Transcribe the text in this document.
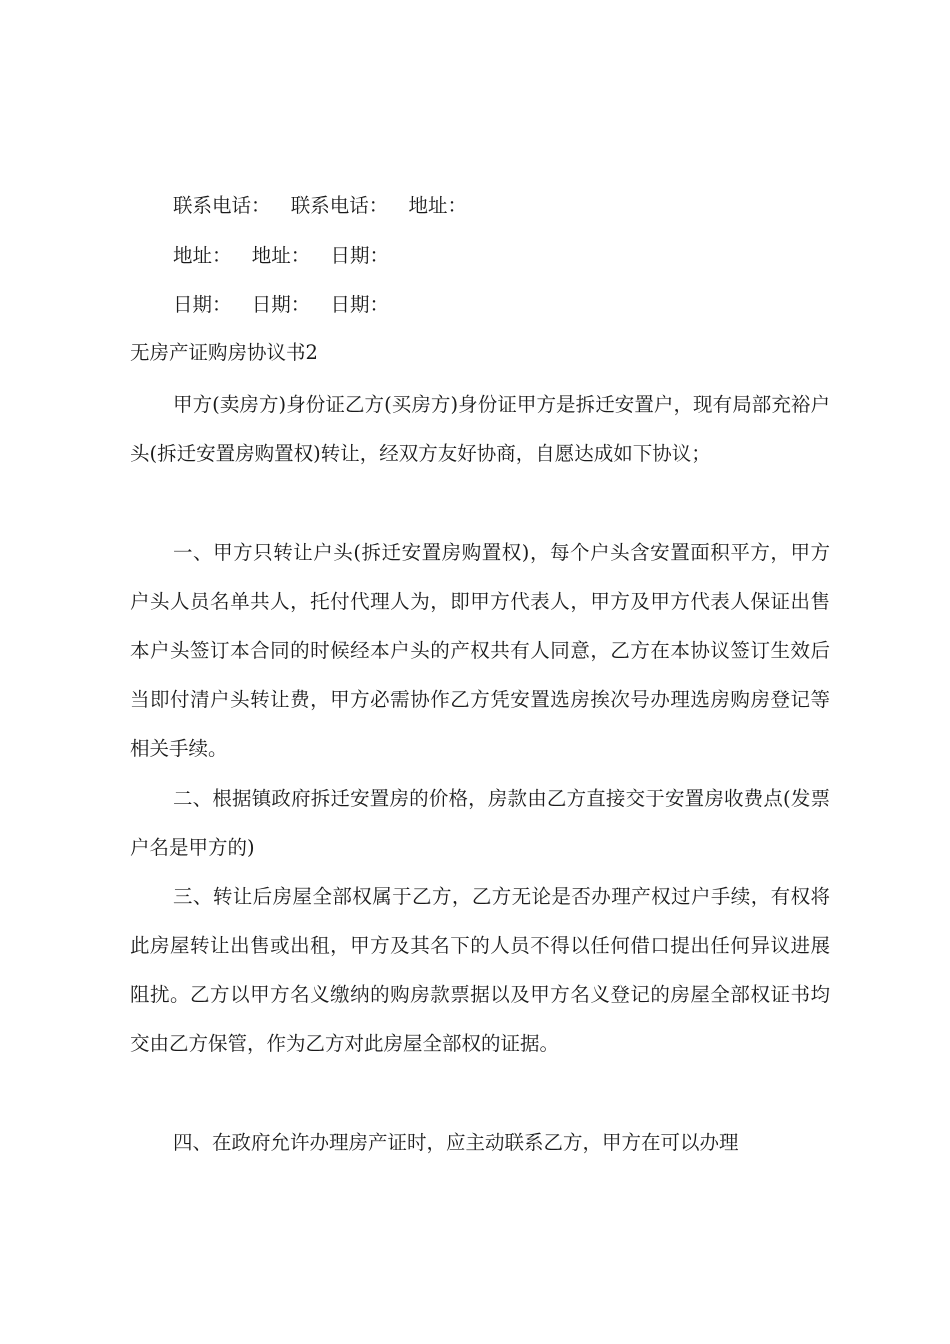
联系电话： 联系电话： 地址：
地址： 地址： 日期：
日期： 日期： 日期：
无房产证购房协议书2
甲方(卖房方)身份证乙方(买房方)身份证甲方是拆迁安置户，现有局部充裕户头(拆迁安置房购置权)转让，经双方友好协商，自愿达成如下协议；
一、甲方只转让户头(拆迁安置房购置权)，每个户头含安置面积平方，甲方户头人员名单共人，托付代理人为，即甲方代表人，甲方及甲方代表人保证出售本户头签订本合同的时候经本户头的产权共有人同意，乙方在本协议签订生效后当即付清户头转让费，甲方必需协作乙方凭安置选房挨次号办理选房购房登记等相关手续。
二、根据镇政府拆迁安置房的价格，房款由乙方直接交于安置房收费点(发票户名是甲方的)
三、转让后房屋全部权属于乙方，乙方无论是否办理产权过户手续，有权将此房屋转让出售或出租，甲方及其名下的人员不得以任何借口提出任何异议进展阻扰。乙方以甲方名义缴纳的购房款票据以及甲方名义登记的房屋全部权证书均交由乙方保管，作为乙方对此房屋全部权的证据。
四、在政府允许办理房产证时，应主动联系乙方，甲方在可以办理
